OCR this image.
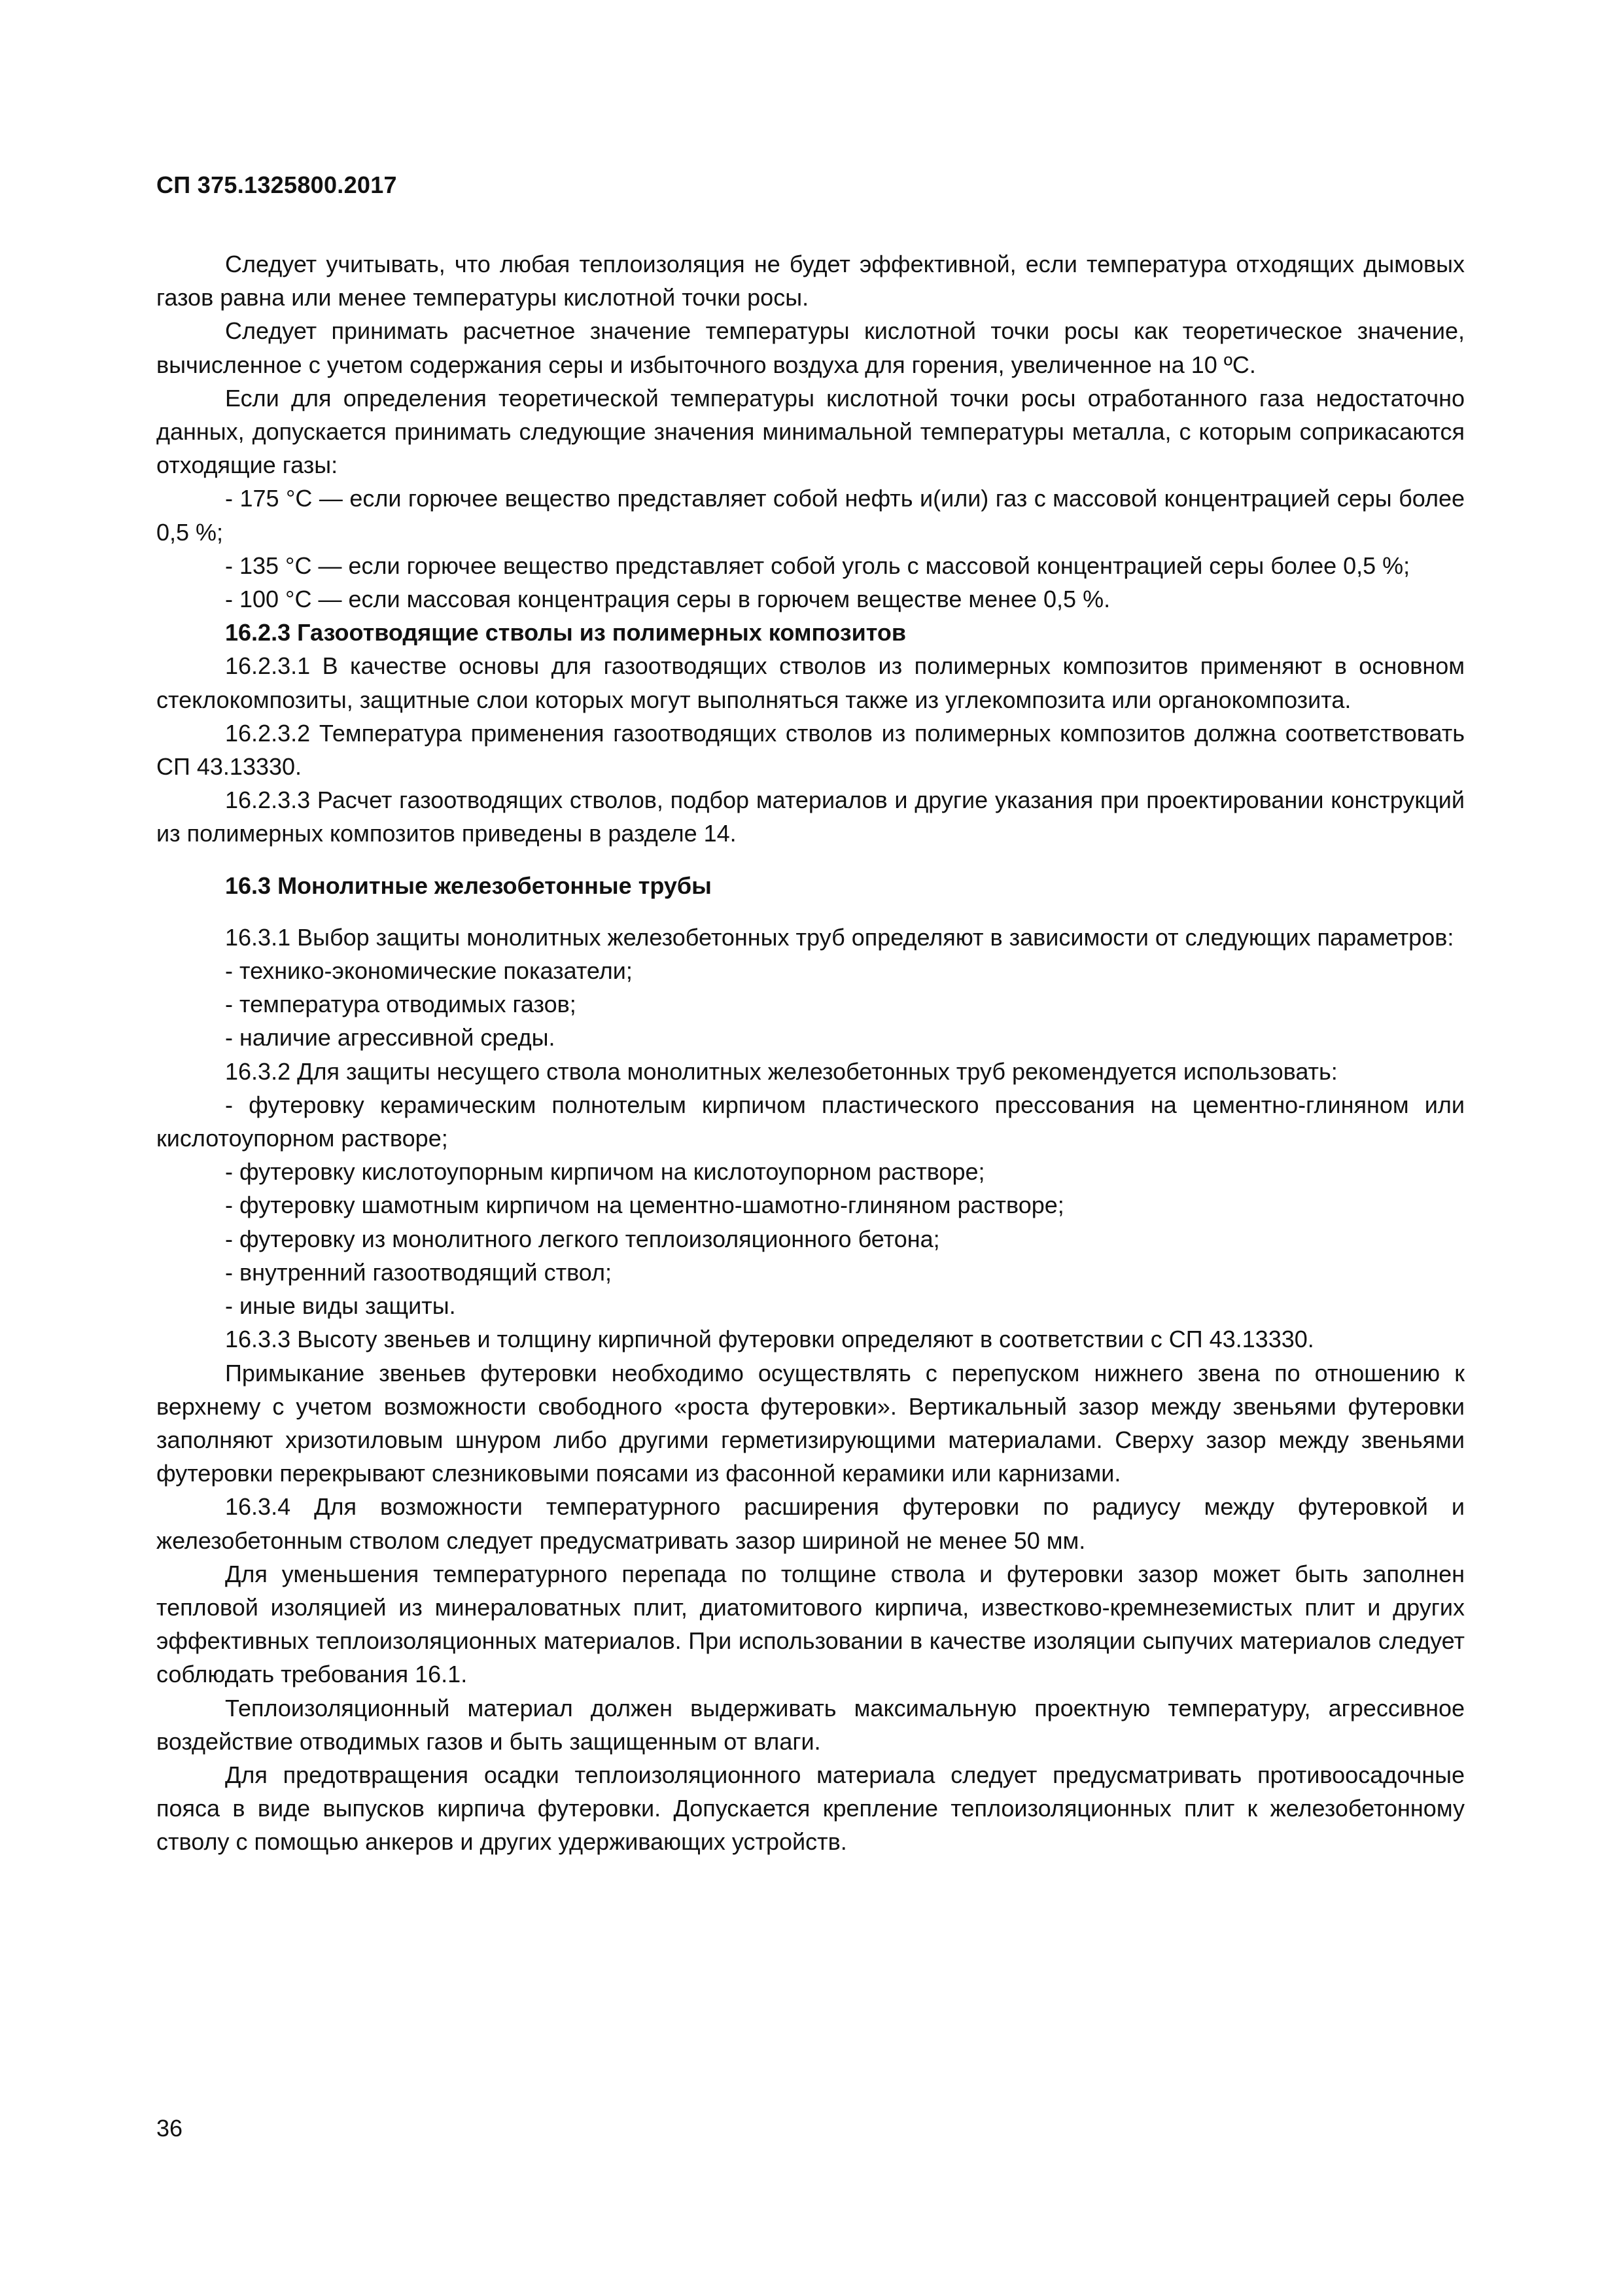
СП 375.1325800.2017

Следует учитывать, что любая теплоизоляция не будет эффективной, если температура отходящих дымовых газов равна или менее температуры кислотной точки росы.

Следует принимать расчетное значение температуры кислотной точки росы как теоретическое значение, вычисленное с учетом содержания серы и избыточного воздуха для горения, увеличенное на 10 ºС.

Если для определения теоретической температуры кислотной точки росы отработанного газа недостаточно данных, допускается принимать следующие значения минимальной температуры металла, с которым соприкасаются отходящие газы:

- 175 °С — если горючее вещество представляет собой нефть и(или) газ с массовой концентрацией серы более 0,5 %;

- 135 °С — если горючее вещество представляет собой уголь с массовой концентрацией серы более 0,5 %;

- 100 °С — если массовая концентрация серы в горючем веществе менее 0,5 %.

16.2.3 Газоотводящие стволы из полимерных композитов

16.2.3.1 В качестве основы для газоотводящих стволов из полимерных композитов применяют в основном стеклокомпозиты, защитные слои которых могут выполняться также из углекомпозита или органокомпозита.

16.2.3.2 Температура применения газоотводящих стволов из полимерных композитов должна соответствовать СП 43.13330.

16.2.3.3 Расчет газоотводящих стволов, подбор материалов и другие указания при проектировании конструкций из полимерных композитов приведены в разделе 14.

16.3 Монолитные железобетонные трубы

16.3.1 Выбор защиты монолитных железобетонных труб определяют в зависимости от следующих параметров:

- технико-экономические показатели;

- температура отводимых газов;

- наличие агрессивной среды.

16.3.2 Для защиты несущего ствола монолитных железобетонных труб рекомендуется использовать:

- футеровку керамическим полнотелым кирпичом пластического прессования на цементно-глиняном или кислотоупорном растворе;

- футеровку кислотоупорным кирпичом на кислотоупорном растворе;

- футеровку шамотным кирпичом на цементно-шамотно-глиняном растворе;

- футеровку из монолитного легкого теплоизоляционного бетона;

- внутренний газоотводящий ствол;

- иные виды защиты.

16.3.3 Высоту звеньев и толщину кирпичной футеровки определяют в соответствии с СП 43.13330.

Примыкание звеньев футеровки необходимо осуществлять с перепуском нижнего звена по отношению к верхнему с учетом возможности свободного «роста футеровки». Вертикальный зазор между звеньями футеровки заполняют хризотиловым шнуром либо другими герметизирующими материалами. Сверху зазор между звеньями футеровки перекрывают слезниковыми поясами из фасонной керамики или карнизами.

16.3.4 Для возможности температурного расширения футеровки по радиусу между футеровкой и железобетонным стволом следует предусматривать зазор шириной не менее 50 мм.

Для уменьшения температурного перепада по толщине ствола и футеровки зазор может быть заполнен тепловой изоляцией из минераловатных плит, диатомитового кирпича, известково-кремнеземистых плит и других эффективных теплоизоляционных материалов. При использовании в качестве изоляции сыпучих материалов следует соблюдать требования 16.1.

Теплоизоляционный материал должен выдерживать максимальную проектную температуру, агрессивное воздействие отводимых газов и быть защищенным от влаги.

Для предотвращения осадки теплоизоляционного материала следует предусматривать противоосадочные пояса в виде выпусков кирпича футеровки. Допускается крепление теплоизоляционных плит к железобетонному стволу с помощью анкеров и других удерживающих устройств.

36
